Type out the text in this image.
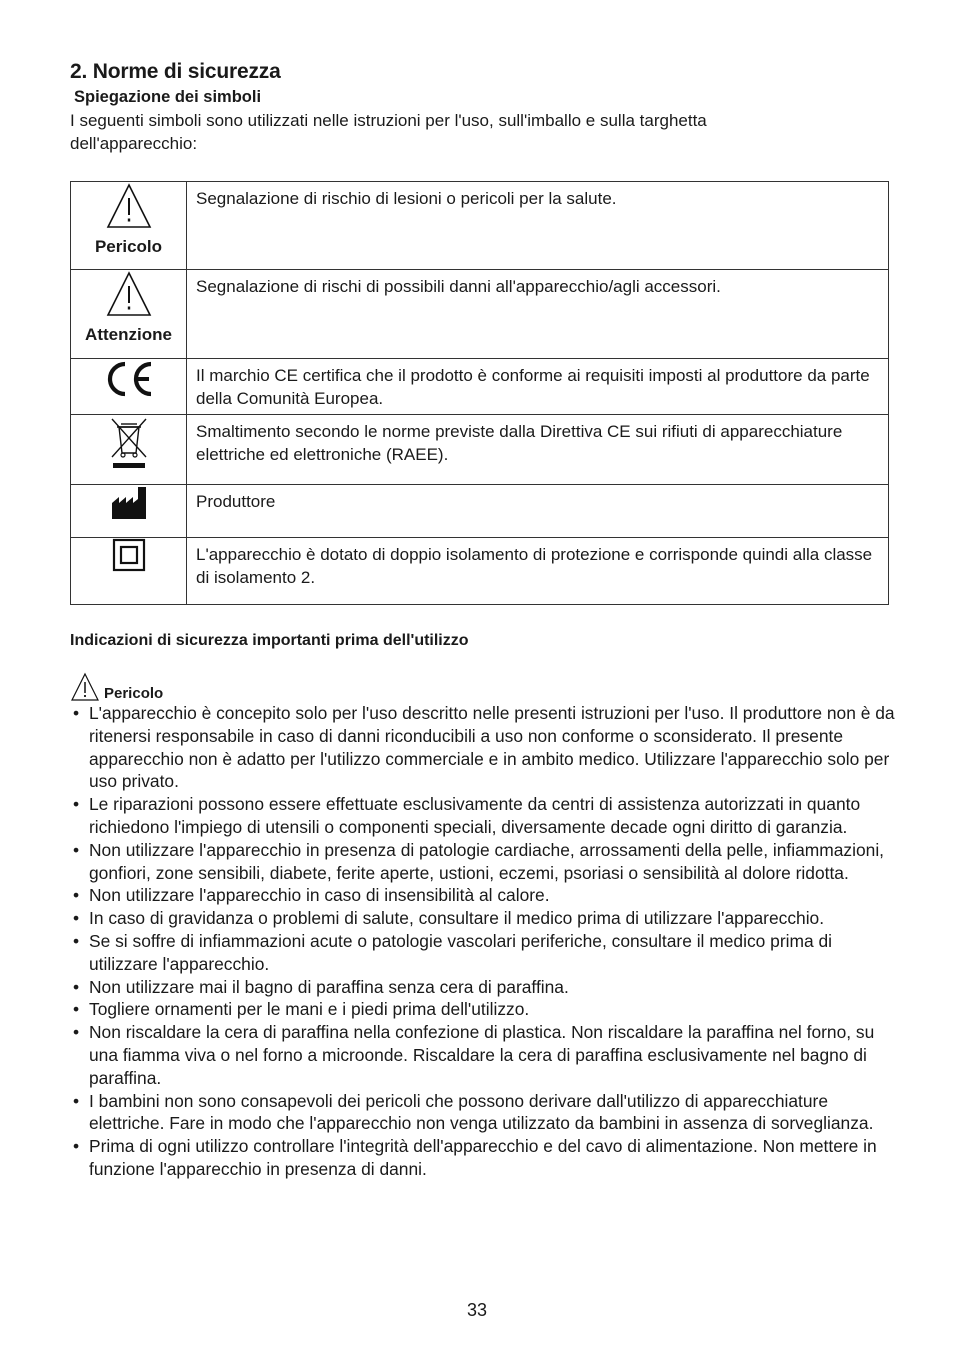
2. Norme di sicurezza
Spiegazione dei simboli

I seguenti simboli sono utilizzati nelle istruzioni per l'uso, sull'imballo e sulla targhetta dell'apparecchio:

Pericolo	Segnalazione di rischio di lesioni o pericoli per la salute.

Attenzione	Segnalazione di rischi di possibili danni all'apparecchio/agli accessori.
	Il marchio CE certifica che il prodotto è conforme ai requisiti imposti al produttore da parte della Comunità Europea.
	Smaltimento secondo le norme previste dalla Direttiva CE sui rifiuti di apparecchiature elettriche ed elettroniche (RAEE).
	Produttore
	L'apparecchio è dotato di doppio isolamento di protezione e corrisponde quindi alla classe di isolamento 2.
Indicazioni di sicurezza importanti prima dell'utilizzo
Pericolo
• L'apparecchio è concepito solo per l'uso descritto nelle presenti istruzioni per l'uso. Il produttore non è da ritenersi responsabile in caso di danni riconducibili a uso non conforme o sconsiderato. Il presente apparecchio non è adatto per l'utilizzo commerciale e in ambito medico. Utilizzare l'apparecchio solo per uso privato.
• Le riparazioni possono essere effettuate esclusivamente da centri di assistenza autorizzati in quanto richiedono l'impiego di utensili o componenti speciali, diversamente decade ogni diritto di garanzia.
• Non utilizzare l'apparecchio in presenza di patologie cardiache, arrossamenti della pelle, infiammazioni, gonfiori, zone sensibili, diabete, ferite aperte, ustioni, eczemi, psoriasi o sensibilità al dolore ridotta.
• Non utilizzare l'apparecchio in caso di insensibilità al calore.
• In caso di gravidanza o problemi di salute, consultare il medico prima di utilizzare l'apparecchio.
• Se si soffre di infiammazioni acute o patologie vascolari periferiche, consultare il medico prima di utilizzare l'apparecchio.
• Non utilizzare mai il bagno di paraffina senza cera di paraffina.
• Togliere ornamenti per le mani e i piedi prima dell'utilizzo.
• Non riscaldare la cera di paraffina nella confezione di plastica. Non riscaldare la paraffina nel forno, su una fiamma viva o nel forno a microonde. Riscaldare la cera di paraffina esclusivamente nel bagno di paraffina.
• I bambini non sono consapevoli dei pericoli che possono derivare dall'utilizzo di apparecchiature elettriche. Fare in modo che l'apparecchio non venga utilizzato da bambini in assenza di sorveglianza.
• Prima di ogni utilizzo controllare l'integrità dell'apparecchio e del cavo di alimentazione. Non mettere in funzione l'apparecchio in presenza di danni.
33
